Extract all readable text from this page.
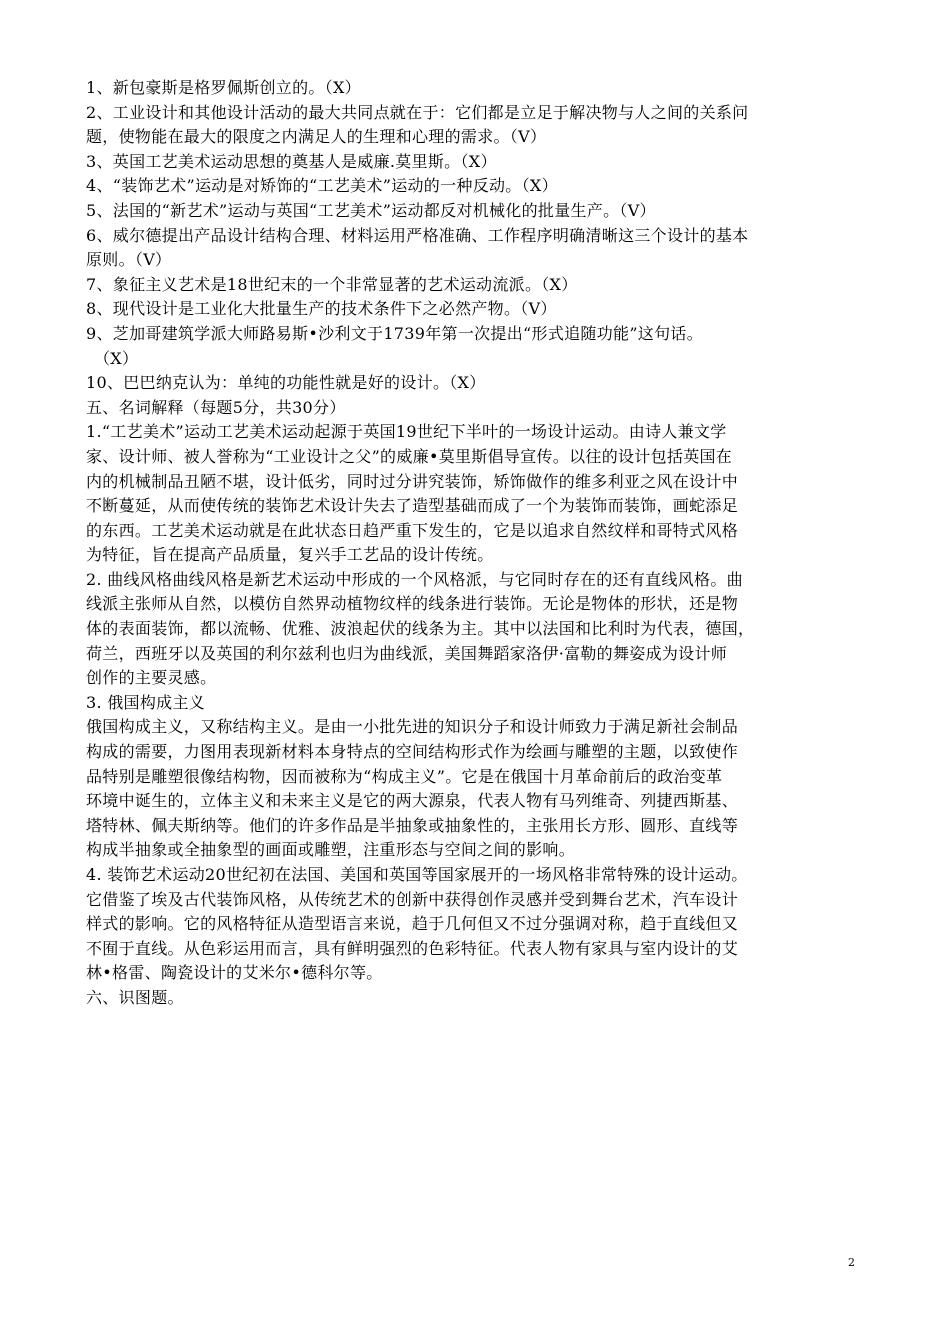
1、新包豪斯是格罗佩斯创立的。（X）
2、工业设计和其他设计活动的最大共同点就在于：它们都是立足于解决物与人之间的关系问
题，使物能在最大的限度之内满足人的生理和心理的需求。（V）
3、英国工艺美术运动思想的奠基人是威廉.莫里斯。（X）
4、“装饰艺术”运动是对矫饰的“工艺美术”运动的一种反动。（X）
5、法国的“新艺术”运动与英国“工艺美术”运动都反对机械化的批量生产。（V）
6、威尔德提出产品设计结构合理、材料运用严格准确、工作程序明确清晰这三个设计的基本
原则。（V）
7、象征主义艺术是18世纪末的一个非常显著的艺术运动流派。（X）
8、现代设计是工业化大批量生产的技术条件下之必然产物。（V）
9、芝加哥建筑学派大师路易斯•沙利文于1739年第一次提出“形式追随功能”这句话。
（X）
10、巴巴纳克认为：单纯的功能性就是好的设计。（X）
五、名词解释（每题5分，共30分）
1.“工艺美术”运动工艺美术运动起源于英国19世纪下半叶的一场设计运动。由诗人兼文学
家、设计师、被人誉称为“工业设计之父”的威廉•莫里斯倡导宣传。以往的设计包括英国在
内的机械制品丑陋不堪，设计低劣，同时过分讲究装饰，矫饰做作的维多利亚之风在设计中
不断蔓延，从而使传统的装饰艺术设计失去了造型基础而成了一个为装饰而装饰，画蛇添足
的东西。工艺美术运动就是在此状态日趋严重下发生的，它是以追求自然纹样和哥特式风格
为特征，旨在提高产品质量，复兴手工艺品的设计传统。
2. 曲线风格曲线风格是新艺术运动中形成的一个风格派，与它同时存在的还有直线风格。曲
线派主张师从自然，以模仿自然界动植物纹样的线条进行装饰。无论是物体的形状，还是物
体的表面装饰，都以流畅、优雅、波浪起伏的线条为主。其中以法国和比利时为代表，德国，
荷兰，西班牙以及英国的利尔兹利也归为曲线派，美国舞蹈家洛伊·富勒的舞姿成为设计师
创作的主要灵感。
3. 俄国构成主义
俄国构成主义，又称结构主义。是由一小批先进的知识分子和设计师致力于满足新社会制品
构成的需要，力图用表现新材料本身特点的空间结构形式作为绘画与雕塑的主题，以致使作
品特别是雕塑很像结构物，因而被称为“构成主义”。它是在俄国十月革命前后的政治变革
环境中诞生的，立体主义和未来主义是它的两大源泉，代表人物有马列维奇、列捷西斯基、
塔特林、佩夫斯纳等。他们的许多作品是半抽象或抽象性的，主张用长方形、圆形、直线等
构成半抽象或全抽象型的画面或雕塑，注重形态与空间之间的影响。
4. 装饰艺术运动20世纪初在法国、美国和英国等国家展开的一场风格非常特殊的设计运动。
它借鉴了埃及古代装饰风格，从传统艺术的创新中获得创作灵感并受到舞台艺术，汽车设计
样式的影响。它的风格特征从造型语言来说，趋于几何但又不过分强调对称，趋于直线但又
不囿于直线。从色彩运用而言，具有鲜明强烈的色彩特征。代表人物有家具与室内设计的艾
林•格雷、陶瓷设计的艾米尔•德科尔等。
六、识图题。
2
